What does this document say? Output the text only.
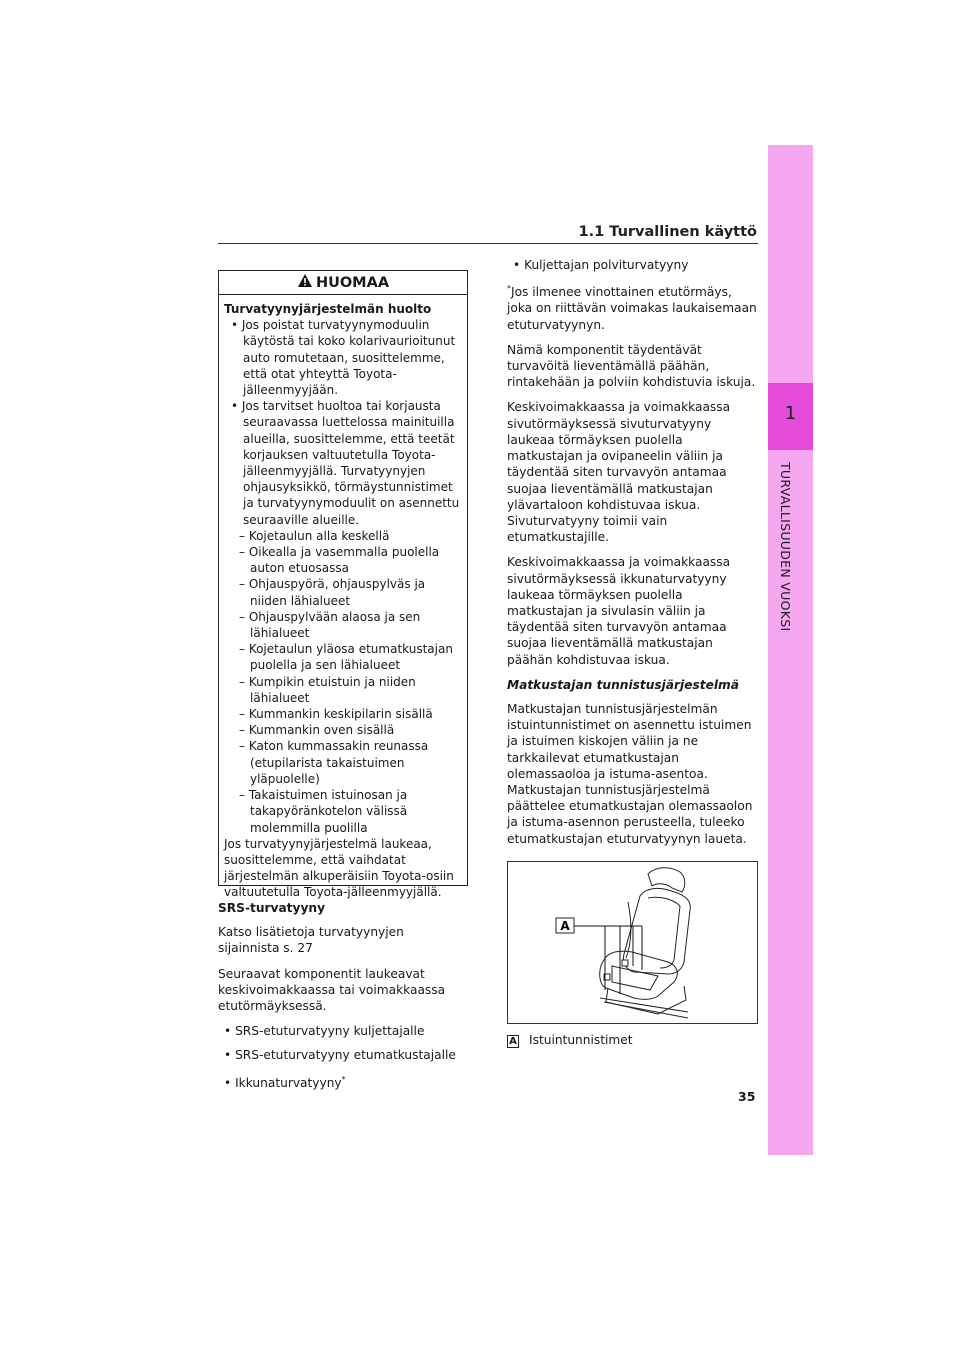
1
TURVALLISUUDEN VUOKSI
1.1 Turvallinen käyttö
HUOMAA
Turvatyynyjärjestelmän huolto
• Jos poistat turvatyynymoduulin käytöstä tai koko kolarivaurioitunut auto romutetaan, suosittelemme, että otat yhteyttä Toyota-jälleenmyyjään.
• Jos tarvitset huoltoa tai korjausta seuraavassa luettelossa mainituilla alueilla, suosittelemme, että teetät korjauksen valtuutetulla Toyota-jälleenmyyjällä. Turvatyynyjen ohjausyksikkö, törmäystunnistimet ja turvatyynymoduulit on asennettu seuraaville alueille.
– Kojetaulun alla keskellä
– Oikealla ja vasemmalla puolella auton etuosassa
– Ohjauspyörä, ohjauspylväs ja niiden lähialueet
– Ohjauspylvään alaosa ja sen lähialueet
– Kojetaulun yläosa etumatkustajan puolella ja sen lähialueet
– Kumpikin etuistuin ja niiden lähialueet
– Kummankin keskipilarin sisällä
– Kummankin oven sisällä
– Katon kummassakin reunassa (etupilarista takaistuimen yläpuolelle)
– Takaistuimen istuinosan ja takapyöränkotelon välissä molemmilla puolilla
Jos turvatyynyjärjestelmä laukeaa, suosittelemme, että vaihdatat järjestelmän alkuperäisiin Toyota-osiin valtuutetulla Toyota-jälleenmyyjällä.
SRS-turvatyyny

Katso lisätietoja turvatyynyjen sijainnista s. 27

Seuraavat komponentit laukeavat keskivoimakkaassa tai voimakkaassa etutörmäyksessä.

• SRS-etuturvatyyny kuljettajalle
• SRS-etuturvatyyny etumatkustajalle
• Ikkunaturvatyyny*
• Kuljettajan polviturvatyyny

*Jos ilmenee vinottainen etutörmäys, joka on riittävän voimakas laukaisemaan etuturvatyynyn.

Nämä komponentit täydentävät turvavöitä lieventämällä päähän, rintakehään ja polviin kohdistuvia iskuja.

Keskivoimakkaassa ja voimakkaassa sivutörmäyksessä sivuturvatyyny laukeaa törmäyksen puolella matkustajan ja ovipaneelin väliin ja täydentää siten turvavyön antamaa suojaa lieventämällä matkustajan ylävartaloon kohdistuvaa iskua. Sivuturvatyyny toimii vain etumatkustajille.

Keskivoimakkaassa ja voimakkaassa sivutörmäyksessä ikkunaturvatyyny laukeaa törmäyksen puolella matkustajan ja sivulasin väliin ja täydentää siten turvavyön antamaa suojaa lieventämällä matkustajan päähän kohdistuvaa iskua.

Matkustajan tunnistusjärjestelmä

Matkustajan tunnistusjärjestelmän istuintunnistimet on asennettu istuimen ja istuimen kiskojen väliin ja ne tarkkailevat etumatkustajan olemassaoloa ja istuma-asentoa. Matkustajan tunnistusjärjestelmä päättelee etumatkustajan olemassaolon ja istuma-asennon perusteella, tuleeko etumatkustajan etuturvatyynyn laueta.

A
A Istuintunnistimet
35
